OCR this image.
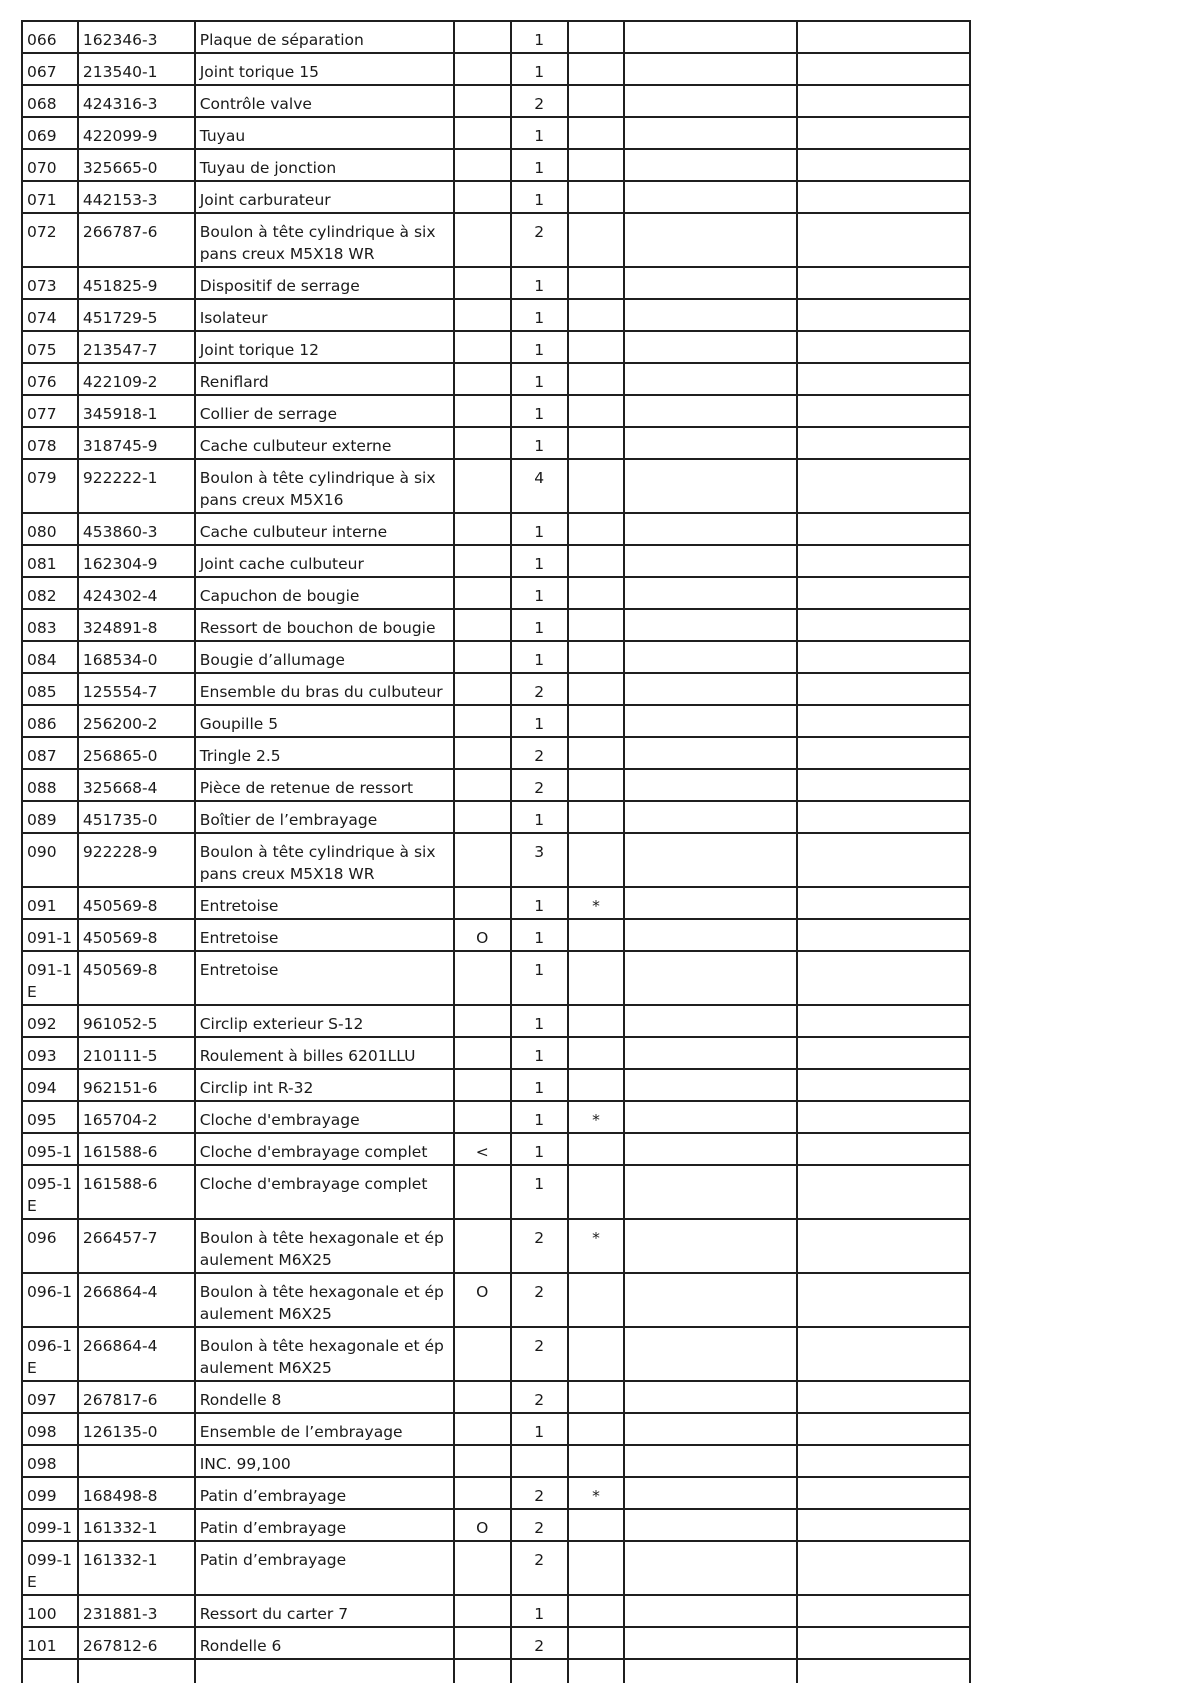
066	162346-3	Plaque de séparation		1			
067	213540-1	Joint torique 15		1			
068	424316-3	Contrôle valve		2			
069	422099-9	Tuyau		1			
070	325665-0	Tuyau de jonction		1			
071	442153-3	Joint carburateur		1			
072	266787-6	Boulon à tête cylindrique à six pans creux M5X18 WR		2			
073	451825-9	Dispositif de serrage		1			
074	451729-5	Isolateur		1			
075	213547-7	Joint torique 12		1			
076	422109-2	Reniflard		1			
077	345918-1	Collier de serrage		1			
078	318745-9	Cache culbuteur externe		1			
079	922222-1	Boulon à tête cylindrique à six pans creux M5X16		4			
080	453860-3	Cache culbuteur interne		1			
081	162304-9	Joint cache culbuteur		1			
082	424302-4	Capuchon de bougie		1			
083	324891-8	Ressort de bouchon de bougie		1			
084	168534-0	Bougie d’allumage		1			
085	125554-7	Ensemble du bras du culbuteur		2			
086	256200-2	Goupille 5		1			
087	256865-0	Tringle 2.5		2			
088	325668-4	Pièce de retenue de ressort		2			
089	451735-0	Boîtier de l’embrayage		1			
090	922228-9	Boulon à tête cylindrique à six pans creux M5X18 WR		3			
091	450569-8	Entretoise		1	*		
091-1	450569-8	Entretoise	O	1			
091-1E	450569-8	Entretoise		1			
092	961052-5	Circlip exterieur S-12		1			
093	210111-5	Roulement à billes 6201LLU		1			
094	962151-6	Circlip int R-32		1			
095	165704-2	Cloche d'embrayage		1	*		
095-1	161588-6	Cloche d'embrayage complet	<	1			
095-1E	161588-6	Cloche d'embrayage complet		1			
096	266457-7	Boulon à tête hexagonale et épaulement M6X25		2	*		
096-1	266864-4	Boulon à tête hexagonale et épaulement M6X25	O	2			
096-1E	266864-4	Boulon à tête hexagonale et épaulement M6X25		2			
097	267817-6	Rondelle 8		2			
098	126135-0	Ensemble de l’embrayage		1			
098		INC. 99,100					
099	168498-8	Patin d’embrayage		2	*		
099-1	161332-1	Patin d’embrayage	O	2			
099-1E	161332-1	Patin d’embrayage		2			
100	231881-3	Ressort du carter 7		1			
101	267812-6	Rondelle 6		2			
